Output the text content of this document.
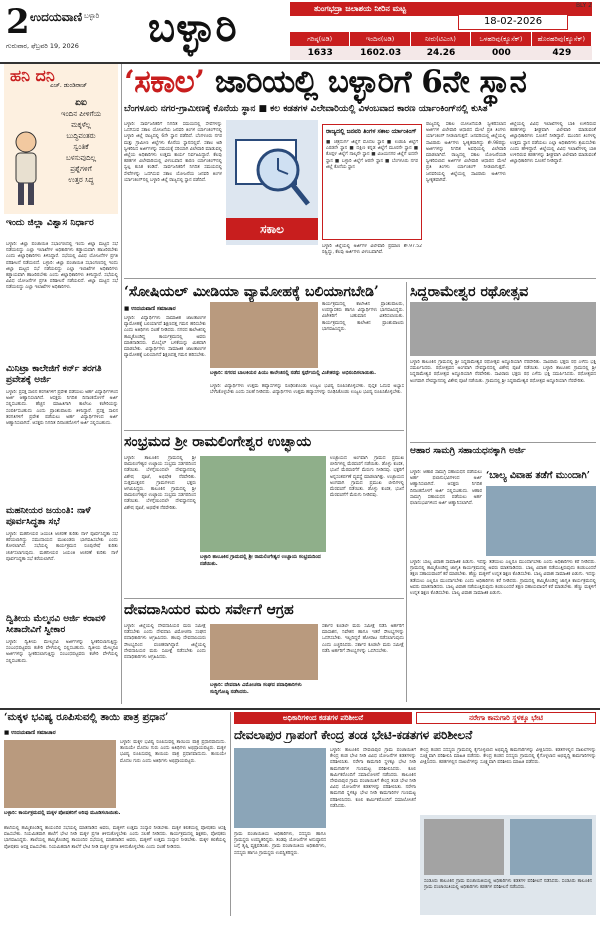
2 ಉದಯವಾಣಿ ಬಳ್ಳಾರಿ
ಗುರುವಾರ, ಫೆಬ್ರವರಿ 19, 2026 ಬಳ್ಳಾರಿ	ತುಂಗಭದ್ರಾ ಜಲಾಶಯ ನೀರಿನ ಮಟ್ಟ	BLY 2
18-02-2026
ಗರಿಷ್ಠ(ಅಡಿ)	ಇಂದಿನ(ಅಡಿ)	ನೀರು(ಟಿಎಂಸಿ)	ಒಳಹರಿವು(ಕ್ಯೂಸೆಕ್)	ಹೊರಹರಿವು(ಕ್ಯೂಸೆಕ್)
1633	1602.03	24.26	000	429
ಹನಿ ದನಿ
ಎಚ್. ಡುಂಡಿರಾಜ್
ಏಐ
ಇಂದಿನ ಪೀಳಿಗೆಯ
ಮಕ್ಕಳೆಲ್ಲ
ಬುದ್ಧಿವಂತರು
ಸ್ವಂತಿಕೆ
ಬಳಸುವುದಿಲ್ಲ
ಪ್ರಶ್ನೆಗಳಿಗೆ
ಉತ್ತರ ಸಿದ್ಧ
ಇಂದು ಜಿಲ್ಲಾ ವಿಶ್ವಾಸ ನಿರ್ಧಾರ
ಬಳ್ಳಾರಿ: ಜಿಲ್ಲಾ ಪಂಚಾಯಿತಿ ಸಭಾಂಗಣದಲ್ಲಿ ಇಂದು ಜಿಲ್ಲಾ ಮಟ್ಟದ ಸಭೆ ನಡೆಯಲಿದ್ದು ಎಲ್ಲಾ ಇಲಾಖೆಗಳ ಅಧಿಕಾರಿಗಳು ಕಡ್ಡಾಯವಾಗಿ ಹಾಜರಿರಬೇಕು ಎಂದು ಜಿಲ್ಲಾಧಿಕಾರಿಗಳು ತಿಳಿಸಿದ್ದಾರೆ. ಸಭೆಯಲ್ಲಿ ವಿವಿಧ ಯೋಜನೆಗಳ ಪ್ರಗತಿ ಪರಿಶೀಲನೆ ನಡೆಯಲಿದೆ. ಬಳ್ಳಾರಿ: ಜಿಲ್ಲಾ ಪಂಚಾಯಿತಿ ಸಭಾಂಗಣದಲ್ಲಿ ಇಂದು ಜಿಲ್ಲಾ ಮಟ್ಟದ ಸಭೆ ನಡೆಯಲಿದ್ದು ಎಲ್ಲಾ ಇಲಾಖೆಗಳ ಅಧಿಕಾರಿಗಳು ಕಡ್ಡಾಯವಾಗಿ ಹಾಜರಿರಬೇಕು ಎಂದು ಜಿಲ್ಲಾಧಿಕಾರಿಗಳು ತಿಳಿಸಿದ್ದಾರೆ. ಸಭೆಯಲ್ಲಿ ವಿವಿಧ ಯೋಜನೆಗಳ ಪ್ರಗತಿ ಪರಿಶೀಲನೆ ನಡೆಯಲಿದೆ. ಜಿಲ್ಲಾ ಮಟ್ಟದ ಸಭೆ ನಡೆಯಲಿದ್ದು ಎಲ್ಲಾ ಇಲಾಖೆಗಳ ಅಧಿಕಾರಿಗಳು.
ಮಿನಿಟ್ರಾ ಕಾಲೇಜಿಗೆ ಕರ್ನ್ ತರಗತಿ ಪ್ರವೇಶಕ್ಕೆ ಅರ್ಜಿ
ಬಳ್ಳಾರಿ: ಪ್ರಸಕ್ತ ಸಾಲಿನ ತರಗತಿಗಳಿಗೆ ಪ್ರವೇಶ ಪಡೆಯಲು ಅರ್ಹ ವಿದ್ಯಾರ್ಥಿಗಳಿಂದ ಅರ್ಜಿ ಆಹ್ವಾನಿಸಲಾಗಿದೆ. ಆಸಕ್ತರು ನಿಗದಿತ ದಿನಾಂಕದೊಳಗೆ ಅರ್ಜಿ ಸಲ್ಲಿಸಬಹುದು. ಹೆಚ್ಚಿನ ಮಾಹಿತಿಗಾಗಿ ಕಾಲೇಜು ಕಚೇರಿಯನ್ನು ಸಂಪರ್ಕಿಸಬಹುದು ಎಂದು ಪ್ರಾಂಶುಪಾಲರು ತಿಳಿಸಿದ್ದಾರೆ. ಪ್ರಸಕ್ತ ಸಾಲಿನ ತರಗತಿಗಳಿಗೆ ಪ್ರವೇಶ ಪಡೆಯಲು ಅರ್ಹ ವಿದ್ಯಾರ್ಥಿಗಳಿಂದ ಅರ್ಜಿ ಆಹ್ವಾನಿಸಲಾಗಿದೆ. ಆಸಕ್ತರು ನಿಗದಿತ ದಿನಾಂಕದೊಳಗೆ ಅರ್ಜಿ ಸಲ್ಲಿಸಬಹುದು.
ಮಹನೀಯರ ಜಯಂತಿ: ನಾಳೆ ಪೂರ್ವಸಿದ್ಧತಾ ಸಭೆ
ಬಳ್ಳಾರಿ: ಮಹನೀಯರ ಜಯಂತಿ ಆಚರಣೆ ಕುರಿತು ನಾಳೆ ಪೂರ್ವಸಿದ್ಧತಾ ಸಭೆ ಕರೆಯಲಾಗಿದ್ದು ಸಮುದಾಯದ ಮುಖಂಡರು ಭಾಗವಹಿಸಬೇಕು ಎಂದು ಕೋರಲಾಗಿದೆ. ಸಭೆಯಲ್ಲಿ ಕಾರ್ಯಕ್ರಮದ ರೂಪುರೇಷೆ ಕುರಿತು ಚರ್ಚಿಸಲಾಗುವುದು. ಮಹನೀಯರ ಜಯಂತಿ ಆಚರಣೆ ಕುರಿತು ನಾಳೆ ಪೂರ್ವಸಿದ್ಧತಾ ಸಭೆ ಕರೆಯಲಾಗಿದೆ.
ದ್ವಿತೀಯ ಮೆಲ್ಮನವಿ ಅರ್ಜಿ ಕರಾವಳಿ ಸೀತಾದೇವಿಗೆ ಸ್ವೀಕಾರ
ಬಳ್ಳಾರಿ: ದ್ವಿತೀಯ ಮೇಲ್ಮನವಿ ಅರ್ಜಿಗಳನ್ನು ಸ್ವೀಕರಿಸಲಾಗುತ್ತಿದ್ದು ಸಂಬಂಧಪಟ್ಟವರು ಕಚೇರಿ ವೇಳೆಯಲ್ಲಿ ಸಲ್ಲಿಸಬಹುದು. ದ್ವಿತೀಯ ಮೇಲ್ಮನವಿ ಅರ್ಜಿಗಳನ್ನು ಸ್ವೀಕರಿಸಲಾಗುತ್ತಿದ್ದು ಸಂಬಂಧಪಟ್ಟವರು ಕಚೇರಿ ವೇಳೆಯಲ್ಲಿ ಸಲ್ಲಿಸಬಹುದು.
‘ಸಕಾಲ’ ಜಾರಿಯಲ್ಲಿ ಬಳ್ಳಾರಿಗೆ 6ನೇ ಸ್ಥಾನ
ಬೆಂಗಳೂರು ನಗರ-ಗ್ರಾಮೀಣಕ್ಕೆ ಕೊನೆಯ ಸ್ಥಾನ ■ ಕಲ ಕಡತಗಳ ವಿಲೇವಾರಿಯಲ್ಲಿ ವಿಳಂಬವಾದ ಕಾರಣ ರ್ಯಾಂಕಿಂಗ್‌ನಲ್ಲಿ ಕುಸಿತ
ಬಳ್ಳಾರಿ: ಸಾರ್ವಜನಿಕರಿಗೆ ನಿಗದಿತ ಸಮಯದಲ್ಲಿ ಸೇವೆಗಳನ್ನು ಒದಗಿಸುವ ಸಕಾಲ ಯೋಜನೆಯ ಜನವರಿ ತಿಂಗಳ ರ್ಯಾಂಕಿಂಗ್‌ನಲ್ಲಿ ಬಳ್ಳಾರಿ ಜಿಲ್ಲೆ ರಾಜ್ಯದಲ್ಲಿ 6ನೇ ಸ್ಥಾನ ಪಡೆದಿದೆ. ಬೆಂಗಳೂರು ನಗರ ಮತ್ತು ಗ್ರಾಮೀಣ ಜಿಲ್ಲೆಗಳು ಕೊನೆಯ ಸ್ಥಾನದಲ್ಲಿವೆ. ಸಕಾಲ ಅಡಿ ಸ್ವೀಕರಿಸಿದ ಅರ್ಜಿಗಳನ್ನು ಸಮಯಕ್ಕೆ ಸರಿಯಾಗಿ ವಿಲೇವಾರಿ ಮಾಡುವಲ್ಲಿ ಜಿಲ್ಲೆಯ ಅಧಿಕಾರಿಗಳು ಉತ್ತಮ ಕಾರ್ಯ ನಿರ್ವಹಿಸಿದ್ದಾರೆ. ಕೆಲವು ಕಡತಗಳ ವಿಲೇವಾರಿಯಲ್ಲಿ ವಿಳಂಬವಾದ ಕಾರಣ ರ್ಯಾಂಕಿಂಗ್‌ನಲ್ಲಿ ಸ್ವಲ್ಪ ಕುಸಿತ ಕಂಡಿದೆ. ಸಾರ್ವಜನಿಕರಿಗೆ ನಿಗದಿತ ಸಮಯದಲ್ಲಿ ಸೇವೆಗಳನ್ನು ಒದಗಿಸುವ ಸಕಾಲ ಯೋಜನೆಯ ಜನವರಿ ತಿಂಗಳ ರ್ಯಾಂಕಿಂಗ್‌ನಲ್ಲಿ ಬಳ್ಳಾರಿ ಜಿಲ್ಲೆ ರಾಜ್ಯದಲ್ಲಿ ಸ್ಥಾನ ಪಡೆದಿದೆ.
ಸಕಾಲ
ರಾಜ್ಯದಲ್ಲಿ ಜನವರಿ ತಿಂಗಳ ಸಕಾಲ ರ್ಯಾಂಕಿಂಗ್
■ ಚಿತ್ರದುರ್ಗ ಜಿಲ್ಲೆಗೆ ಮೊದಲ ಸ್ಥಾನ ■ ಉಡುಪಿ ಜಿಲ್ಲೆಗೆ ಎರಡನೇ ಸ್ಥಾನ ■ ದಕ್ಷಿಣ ಕನ್ನಡ ಜಿಲ್ಲೆಗೆ ಮೂರನೇ ಸ್ಥಾನ ■ ಕೊಪ್ಪಳ ಜಿಲ್ಲೆಗೆ ನಾಲ್ಕನೇ ಸ್ಥಾನ ■ ವಿಜಯನಗರ ಜಿಲ್ಲೆಗೆ ಐದನೇ ಸ್ಥಾನ ■ ಬಳ್ಳಾರಿ ಜಿಲ್ಲೆಗೆ ಆರನೇ ಸ್ಥಾನ ■ ಬೆಂಗಳೂರು ನಗರ ಜಿಲ್ಲೆ ಕೊನೆಯ ಸ್ಥಾನ
ರಾಜ್ಯದಲ್ಲಿ ಸಕಾಲ ಯೋಜನೆಯಡಿ ಸ್ವೀಕರಿಸಲಾದ ಅರ್ಜಿಗಳ ವಿಲೇವಾರಿ ಆಧಾರದ ಮೇಲೆ ಪ್ರತಿ ತಿಂಗಳು ರ್ಯಾಂಕಿಂಗ್ ನೀಡಲಾಗುತ್ತದೆ. ಜನವರಿಯಲ್ಲಿ ಜಿಲ್ಲೆಯಲ್ಲಿ ಸಾವಿರಾರು ಅರ್ಜಿಗಳು ಸ್ವೀಕೃತವಾಗಿದ್ದು ಶೇ.98ರಷ್ಟು ಅರ್ಜಿಗಳನ್ನು ನಿಗದಿತ ಅವಧಿಯಲ್ಲಿ ವಿಲೇವಾರಿ ಮಾಡಲಾಗಿದೆ. ರಾಜ್ಯದಲ್ಲಿ ಸಕಾಲ ಯೋಜನೆಯಡಿ ಸ್ವೀಕರಿಸಲಾದ ಅರ್ಜಿಗಳ ವಿಲೇವಾರಿ ಆಧಾರದ ಮೇಲೆ ಪ್ರತಿ ತಿಂಗಳು ರ್ಯಾಂಕಿಂಗ್ ನೀಡಲಾಗುತ್ತದೆ. ಜನವರಿಯಲ್ಲಿ ಜಿಲ್ಲೆಯಲ್ಲಿ ಸಾವಿರಾರು ಅರ್ಜಿಗಳು ಸ್ವೀಕೃತವಾಗಿವೆ.
ಜಿಲ್ಲೆಯಲ್ಲಿ ವಿವಿಧ ಇಲಾಖೆಗಳಲ್ಲಿ ಬಾಕಿ ಉಳಿದಿರುವ ಕಡತಗಳನ್ನು ಶೀಘ್ರವಾಗಿ ವಿಲೇವಾರಿ ಮಾಡುವಂತೆ ಜಿಲ್ಲಾಧಿಕಾರಿಗಳು ಸೂಚನೆ ನೀಡಿದ್ದಾರೆ. ಮುಂದಿನ ತಿಂಗಳಲ್ಲಿ ಉತ್ತಮ ಸ್ಥಾನ ಪಡೆಯಲು ಎಲ್ಲಾ ಅಧಿಕಾರಿಗಳು ಶ್ರಮಿಸಬೇಕು ಎಂದು ಹೇಳಿದ್ದಾರೆ. ಜಿಲ್ಲೆಯಲ್ಲಿ ವಿವಿಧ ಇಲಾಖೆಗಳಲ್ಲಿ ಬಾಕಿ ಉಳಿದಿರುವ ಕಡತಗಳನ್ನು ಶೀಘ್ರವಾಗಿ ವಿಲೇವಾರಿ ಮಾಡುವಂತೆ ಜಿಲ್ಲಾಧಿಕಾರಿಗಳು ಸೂಚನೆ ನೀಡಿದ್ದಾರೆ.
ಬಳ್ಳಾರಿ ಜಿಲ್ಲೆಯಲ್ಲಿ ಅರ್ಜಿಗಳ ವಿಲೇವಾರಿ ಪ್ರಮಾಣ ಶೇ.97.52 ರಷ್ಟಿದ್ದು, ಕೆಲವು ಅರ್ಜಿಗಳು ವಿಳಂಬವಾಗಿವೆ.
‘ಸೋಷಿಯಲ್ ಮೀಡಿಯಾ ವ್ಯಾಮೋಹಕ್ಕೆ ಬಲಿಯಾಗಬೇಡಿ’	ಸಿದ್ದರಾಮೇಶ್ವರ ರಥೋತ್ಸವ
■ ಉದಯವಾಣಿ ಸಮಾಚಾರ
ಬಳ್ಳಾರಿ: ವಿದ್ಯಾರ್ಥಿಗಳು ಸಾಮಾಜಿಕ ಜಾಲತಾಣಗಳ ವ್ಯಾಮೋಹಕ್ಕೆ ಬಲಿಯಾಗದೆ ಶಿಕ್ಷಣದತ್ತ ಗಮನ ಹರಿಸಬೇಕು ಎಂದು ಅತಿಥಿಗಳು ಸಲಹೆ ನೀಡಿದರು. ನಗರದ ಕಾಲೇಜಿನಲ್ಲಿ ಹಮ್ಮಿಕೊಂಡಿದ್ದ ಕಾರ್ಯಕ್ರಮದಲ್ಲಿ ಅವರು ಮಾತನಾಡಿದರು. ಮೊಬೈಲ್ ಬಳಕೆಯನ್ನು ಮಿತವಾಗಿ ಮಾಡಬೇಕು. ವಿದ್ಯಾರ್ಥಿಗಳು ಸಾಮಾಜಿಕ ಜಾಲತಾಣಗಳ ವ್ಯಾಮೋಹಕ್ಕೆ ಬಲಿಯಾಗದೆ ಶಿಕ್ಷಣದತ್ತ ಗಮನ ಹರಿಸಬೇಕು.
ಬಳ್ಳಾರಿ: ನಗರದ ಬಾಲಕಿಯರ ಪಿಯು ಕಾಲೇಜಿನಲ್ಲಿ ನಡೆದ ಸ್ಪರ್ಧೆಯಲ್ಲಿ ವಿಜೇತರನ್ನು ಅಭಿನಂದಿಸಲಾಯಿತು.
ಕಾರ್ಯಕ್ರಮದಲ್ಲಿ ಕಾಲೇಜಿನ ಪ್ರಾಂಶುಪಾಲರು, ಉಪನ್ಯಾಸಕರು ಹಾಗೂ ವಿದ್ಯಾರ್ಥಿಗಳು ಭಾಗವಹಿಸಿದ್ದರು. ವಿಜೇತರಿಗೆ ಬಹುಮಾನ ವಿತರಿಸಲಾಯಿತು. ಕಾರ್ಯಕ್ರಮದಲ್ಲಿ ಕಾಲೇಜಿನ ಪ್ರಾಂಶುಪಾಲರು ಭಾಗವಹಿಸಿದ್ದರು.
ಬಳ್ಳಾರಿ: ವಿದ್ಯಾರ್ಥಿಗಳು ಉತ್ತಮ ಹವ್ಯಾಸಗಳನ್ನು ರೂಢಿಸಿಕೊಂಡು ಉಜ್ವಲ ಭವಿಷ್ಯ ರೂಪಿಸಿಕೊಳ್ಳಬೇಕು. ಪುಸ್ತಕ ಓದುವ ಅಭ್ಯಾಸ ಬೆಳೆಸಿಕೊಳ್ಳಬೇಕು ಎಂದು ಸಲಹೆ ನೀಡಿದರು. ವಿದ್ಯಾರ್ಥಿಗಳು ಉತ್ತಮ ಹವ್ಯಾಸಗಳನ್ನು ರೂಢಿಸಿಕೊಂಡು ಉಜ್ವಲ ಭವಿಷ್ಯ ರೂಪಿಸಿಕೊಳ್ಳಬೇಕು.
ಬಳ್ಳಾರಿ ತಾಲೂಕಿನ ಗ್ರಾಮದಲ್ಲಿ ಶ್ರೀ ಸಿದ್ದರಾಮೇಶ್ವರ ರಥೋತ್ಸವ ಅದ್ಧೂರಿಯಾಗಿ ನೆರವೇರಿತು. ಸಾವಿರಾರು ಭಕ್ತರು ರಥ ಎಳೆದು ಭಕ್ತಿ ಸಮರ್ಪಿಸಿದರು. ರಥೋತ್ಸವದ ಅಂಗವಾಗಿ ದೇವಸ್ಥಾನದಲ್ಲಿ ವಿಶೇಷ ಪೂಜೆ ನಡೆಯಿತು. ಬಳ್ಳಾರಿ ತಾಲೂಕಿನ ಗ್ರಾಮದಲ್ಲಿ ಶ್ರೀ ಸಿದ್ದರಾಮೇಶ್ವರ ರಥೋತ್ಸವ ಅದ್ಧೂರಿಯಾಗಿ ನೆರವೇರಿತು. ಸಾವಿರಾರು ಭಕ್ತರು ರಥ ಎಳೆದು ಭಕ್ತಿ ಸಮರ್ಪಿಸಿದರು. ರಥೋತ್ಸವದ ಅಂಗವಾಗಿ ದೇವಸ್ಥಾನದಲ್ಲಿ ವಿಶೇಷ ಪೂಜೆ ನಡೆಯಿತು. ಗ್ರಾಮದಲ್ಲಿ ಶ್ರೀ ಸಿದ್ದರಾಮೇಶ್ವರ ರಥೋತ್ಸವ ಅದ್ಧೂರಿಯಾಗಿ ನೆರವೇರಿತು.
ಸಂಭ್ರಮದ ಶ್ರೀ ರಾಮಲಿಂಗೇಶ್ವರ ಉಚ್ಛಾಯ
ಬಳ್ಳಾರಿ: ತಾಲೂಕಿನ ಗ್ರಾಮದಲ್ಲಿ ಶ್ರೀ ರಾಮಲಿಂಗೇಶ್ವರ ಉಚ್ಛಾಯ ಸಂಭ್ರಮ ಸಡಗರದಿಂದ ನಡೆಯಿತು. ಬೆಳಗ್ಗೆಯಿಂದಲೇ ದೇವಸ್ಥಾನದಲ್ಲಿ ವಿಶೇಷ ಪೂಜೆ, ಅಭಿಷೇಕ ನೆರವೇರಿತು. ಸುತ್ತಮುತ್ತಲಿನ ಗ್ರಾಮಗಳಿಂದ ಭಕ್ತರು ಆಗಮಿಸಿದ್ದರು. ತಾಲೂಕಿನ ಗ್ರಾಮದಲ್ಲಿ ಶ್ರೀ ರಾಮಲಿಂಗೇಶ್ವರ ಉಚ್ಛಾಯ ಸಂಭ್ರಮ ಸಡಗರದಿಂದ ನಡೆಯಿತು. ಬೆಳಗ್ಗೆಯಿಂದಲೇ ದೇವಸ್ಥಾನದಲ್ಲಿ ವಿಶೇಷ ಪೂಜೆ, ಅಭಿಷೇಕ ನೆರವೇರಿತು.
ಬಳ್ಳಾರಿ ತಾಲೂಕಿನ ಗ್ರಾಮದಲ್ಲಿ ಶ್ರೀ ರಾಮಲಿಂಗೇಶ್ವರ ಉಚ್ಛಾಯ ಸಂಭ್ರಮದಿಂದ ನಡೆಯಿತು.
ಉಚ್ಛಾಯದ ಅಂಗವಾಗಿ ಗ್ರಾಮದ ಪ್ರಮುಖ ಬೀದಿಗಳಲ್ಲಿ ಮೆರವಣಿಗೆ ನಡೆಯಿತು. ಡೊಳ್ಳು ಕುಣಿತ, ಭಜನೆ ಮೆರವಣಿಗೆಗೆ ಮೆರುಗು ನೀಡಿದವು. ಭಕ್ತರಿಗೆ ಅನ್ನಸಂತರ್ಪಣೆ ವ್ಯವಸ್ಥೆ ಮಾಡಲಾಗಿತ್ತು. ಉಚ್ಛಾಯದ ಅಂಗವಾಗಿ ಗ್ರಾಮದ ಪ್ರಮುಖ ಬೀದಿಗಳಲ್ಲಿ ಮೆರವಣಿಗೆ ನಡೆಯಿತು. ಡೊಳ್ಳು ಕುಣಿತ, ಭಜನೆ ಮೆರವಣಿಗೆಗೆ ಮೆರುಗು ನೀಡಿದವು.
ದೇವದಾಸಿಯರ ಮರು ಸರ್ವೇಗೆ ಆಗ್ರಹ
ಬಳ್ಳಾರಿ: ಜಿಲ್ಲೆಯಲ್ಲಿ ದೇವದಾಸಿಯರ ಮರು ಸಮೀಕ್ಷೆ ನಡೆಸಬೇಕು ಎಂದು ದೇವದಾಸಿ ವಿಮೋಚನಾ ಸಂಘದ ಪದಾಧಿಕಾರಿಗಳು ಆಗ್ರಹಿಸಿದರು. ಹಲವು ದೇವದಾಸಿಯರು ಸೌಲಭ್ಯದಿಂದ ವಂಚಿತರಾಗಿದ್ದಾರೆ. ಜಿಲ್ಲೆಯಲ್ಲಿ ದೇವದಾಸಿಯರ ಮರು ಸಮೀಕ್ಷೆ ನಡೆಸಬೇಕು ಎಂದು ಪದಾಧಿಕಾರಿಗಳು ಆಗ್ರಹಿಸಿದರು.
ಬಳ್ಳಾರಿ: ದೇವದಾಸಿ ವಿಮೋಚನಾ ಸಂಘದ ಪದಾಧಿಕಾರಿಗಳು ಸುದ್ದಿಗೋಷ್ಠಿ ನಡೆಸಿದರು.
ಸರ್ಕಾರ ಕೂಡಲೇ ಮರು ಸಮೀಕ್ಷೆ ನಡೆಸಿ ಅರ್ಹರಿಗೆ ಮಾಸಾಶನ, ನಿವೇಶನ ಹಾಗೂ ಇತರೆ ಸೌಲಭ್ಯಗಳನ್ನು ಒದಗಿಸಬೇಕು. ಇಲ್ಲದಿದ್ದರೆ ಹೋರಾಟ ನಡೆಸಲಾಗುವುದು ಎಂದು ಎಚ್ಚರಿಸಿದರು. ಸರ್ಕಾರ ಕೂಡಲೇ ಮರು ಸಮೀಕ್ಷೆ ನಡೆಸಿ ಅರ್ಹರಿಗೆ ಸೌಲಭ್ಯಗಳನ್ನು ಒದಗಿಸಬೇಕು.
ಆಹಾರ ಸಾಮಗ್ರಿ ಸಹಾಯಧನಕ್ಕಾಗಿ ಅರ್ಜಿ
‘ಬಾಲ್ಯ ವಿವಾಹ ತಡೆಗೆ ಮುಂದಾಗಿ’
ಬಳ್ಳಾರಿ: ಆಹಾರ ಸಾಮಗ್ರಿ ಸಹಾಯಧನ ಪಡೆಯಲು ಅರ್ಹ ಫಲಾನುಭವಿಗಳಿಂದ ಅರ್ಜಿ ಆಹ್ವಾನಿಸಲಾಗಿದೆ. ಆಸಕ್ತರು ನಿಗದಿತ ದಿನಾಂಕದೊಳಗೆ ಅರ್ಜಿ ಸಲ್ಲಿಸಬಹುದು. ಆಹಾರ ಸಾಮಗ್ರಿ ಸಹಾಯಧನ ಪಡೆಯಲು ಅರ್ಹ ಫಲಾನುಭವಿಗಳಿಂದ ಅರ್ಜಿ ಆಹ್ವಾನಿಸಲಾಗಿದೆ.
ಬಳ್ಳಾರಿ: ಬಾಲ್ಯ ವಿವಾಹ ಸಾಮಾಜಿಕ ಪಿಡುಗು. ಇದನ್ನು ತಡೆಯಲು ಎಲ್ಲರೂ ಮುಂದಾಗಬೇಕು ಎಂದು ಅಧಿಕಾರಿಗಳು ಕರೆ ನೀಡಿದರು. ಗ್ರಾಮದಲ್ಲಿ ಹಮ್ಮಿಕೊಂಡಿದ್ದ ಜಾಗೃತಿ ಕಾರ್ಯಕ್ರಮದಲ್ಲಿ ಅವರು ಮಾತನಾಡಿದರು. ಬಾಲ್ಯ ವಿವಾಹ ನಡೆಯುತ್ತಿರುವುದು ಕಂಡುಬಂದರೆ ತಕ್ಷಣ ಸಹಾಯವಾಣಿಗೆ ಕರೆ ಮಾಡಬೇಕು. ಹೆಣ್ಣು ಮಕ್ಕಳಿಗೆ ಉನ್ನತ ಶಿಕ್ಷಣ ಕೊಡಿಸಬೇಕು. ಬಾಲ್ಯ ವಿವಾಹ ಸಾಮಾಜಿಕ ಪಿಡುಗು. ಇದನ್ನು ತಡೆಯಲು ಎಲ್ಲರೂ ಮುಂದಾಗಬೇಕು ಎಂದು ಅಧಿಕಾರಿಗಳು ಕರೆ ನೀಡಿದರು. ಗ್ರಾಮದಲ್ಲಿ ಹಮ್ಮಿಕೊಂಡಿದ್ದ ಜಾಗೃತಿ ಕಾರ್ಯಕ್ರಮದಲ್ಲಿ ಅವರು ಮಾತನಾಡಿದರು. ಬಾಲ್ಯ ವಿವಾಹ ನಡೆಯುತ್ತಿರುವುದು ಕಂಡುಬಂದರೆ ತಕ್ಷಣ ಸಹಾಯವಾಣಿಗೆ ಕರೆ ಮಾಡಬೇಕು. ಹೆಣ್ಣು ಮಕ್ಕಳಿಗೆ ಉನ್ನತ ಶಿಕ್ಷಣ ಕೊಡಿಸಬೇಕು. ಬಾಲ್ಯ ವಿವಾಹ ಸಾಮಾಜಿಕ ಪಿಡುಗು.
‘ಮಕ್ಕಳ ಭವಿಷ್ಯ ರೂಪಿಸುವಲ್ಲಿ ತಾಯಿ ಪಾತ್ರ ಪ್ರಧಾನ’
■ ಉದಯವಾಣಿ ಸಮಾಚಾರ
ಬಳ್ಳಾರಿ: ಕಾರ್ಯಕ್ರಮದಲ್ಲಿ ಮಕ್ಕಳ ಪೋಷಕರಿಗೆ ಅರಿವು ಮೂಡಿಸಲಾಯಿತು.
ಬಳ್ಳಾರಿ: ಮಕ್ಕಳ ಭವಿಷ್ಯ ರೂಪಿಸುವಲ್ಲಿ ತಾಯಿಯ ಪಾತ್ರ ಪ್ರಧಾನವಾದುದು. ತಾಯಿಯೇ ಮೊದಲ ಗುರು ಎಂದು ಅತಿಥಿಗಳು ಅಭಿಪ್ರಾಯಪಟ್ಟರು. ಮಕ್ಕಳ ಭವಿಷ್ಯ ರೂಪಿಸುವಲ್ಲಿ ತಾಯಿಯ ಪಾತ್ರ ಪ್ರಧಾನವಾದುದು. ತಾಯಿಯೇ ಮೊದಲ ಗುರು ಎಂದು ಅತಿಥಿಗಳು ಅಭಿಪ್ರಾಯಪಟ್ಟರು.
ಶಾಲೆಯಲ್ಲಿ ಹಮ್ಮಿಕೊಂಡಿದ್ದ ತಾಯಂದಿರ ಸಭೆಯಲ್ಲಿ ಮಾತನಾಡಿದ ಅವರು, ಮಕ್ಕಳಿಗೆ ಉತ್ತಮ ಸಂಸ್ಕಾರ ನೀಡಬೇಕು. ಮಕ್ಕಳ ಕಲಿಕೆಯಲ್ಲಿ ಪೋಷಕರು ಆಸಕ್ತಿ ವಹಿಸಬೇಕು. ನಿಯಮಿತವಾಗಿ ಶಾಲೆಗೆ ಭೇಟಿ ನೀಡಿ ಮಕ್ಕಳ ಪ್ರಗತಿ ತಿಳಿದುಕೊಳ್ಳಬೇಕು ಎಂದು ಸಲಹೆ ನೀಡಿದರು. ಕಾರ್ಯಕ್ರಮದಲ್ಲಿ ಶಿಕ್ಷಕರು, ಪೋಷಕರು ಭಾಗವಹಿಸಿದ್ದರು. ಶಾಲೆಯಲ್ಲಿ ಹಮ್ಮಿಕೊಂಡಿದ್ದ ತಾಯಂದಿರ ಸಭೆಯಲ್ಲಿ ಮಾತನಾಡಿದ ಅವರು, ಮಕ್ಕಳಿಗೆ ಉತ್ತಮ ಸಂಸ್ಕಾರ ನೀಡಬೇಕು. ಮಕ್ಕಳ ಕಲಿಕೆಯಲ್ಲಿ ಪೋಷಕರು ಆಸಕ್ತಿ ವಹಿಸಬೇಕು. ನಿಯಮಿತವಾಗಿ ಶಾಲೆಗೆ ಭೇಟಿ ನೀಡಿ ಮಕ್ಕಳ ಪ್ರಗತಿ ತಿಳಿದುಕೊಳ್ಳಬೇಕು ಎಂದು ಸಲಹೆ ನೀಡಿದರು.
ಅಧಿಕಾರಿಗಳಿಂದ ಕಡತಗಳ ಪರಿಶೀಲನೆ	ನರೇಗಾ ಕಾಮಗಾರಿ ಸ್ಥಳಕ್ಕೂ ಭೇಟಿ
ದೇವಲಾಪುರ ಗ್ರಾಪಂಗೆ ಕೇಂದ್ರ ತಂಡ ಭೇಟಿ-ಕಡತಗಳ ಪರಿಶೀಲನೆ
ಬಳ್ಳಾರಿ: ತಾಲೂಕಿನ ದೇವಲಾಪುರ ಗ್ರಾಮ ಪಂಚಾಯಿತಿಗೆ ಕೇಂದ್ರ ತಂಡ ಭೇಟಿ ನೀಡಿ ವಿವಿಧ ಯೋಜನೆಗಳ ಕಡತಗಳನ್ನು ಪರಿಶೀಲಿಸಿತು. ನರೇಗಾ ಕಾಮಗಾರಿ ಸ್ಥಳಕ್ಕೂ ಭೇಟಿ ನೀಡಿ ಕಾಮಗಾರಿಗಳ ಗುಣಮಟ್ಟ ಪರಿಶೀಲಿಸಿದರು. ಕೂಲಿ ಕಾರ್ಮಿಕರೊಂದಿಗೆ ಸಮಾಲೋಚನೆ ನಡೆಸಿದರು. ತಾಲೂಕಿನ ದೇವಲಾಪುರ ಗ್ರಾಮ ಪಂಚಾಯಿತಿಗೆ ಕೇಂದ್ರ ತಂಡ ಭೇಟಿ ನೀಡಿ ವಿವಿಧ ಯೋಜನೆಗಳ ಕಡತಗಳನ್ನು ಪರಿಶೀಲಿಸಿತು. ನರೇಗಾ ಕಾಮಗಾರಿ ಸ್ಥಳಕ್ಕೂ ಭೇಟಿ ನೀಡಿ ಕಾಮಗಾರಿಗಳ ಗುಣಮಟ್ಟ ಪರಿಶೀಲಿಸಿದರು. ಕೂಲಿ ಕಾರ್ಮಿಕರೊಂದಿಗೆ ಸಮಾಲೋಚನೆ ನಡೆಸಿದರು.
ಗ್ರಾಮ ಪಂಚಾಯಿತಿಯ ಅಧಿಕಾರಿಗಳು, ಸದಸ್ಯರು ಹಾಗೂ ಗ್ರಾಮಸ್ಥರು ಉಪಸ್ಥಿತರಿದ್ದರು. ತಂಡವು ಯೋಜನೆಗಳ ಅನುಷ್ಠಾನದ ಬಗ್ಗೆ ತೃಪ್ತಿ ವ್ಯಕ್ತಪಡಿಸಿತು. ಗ್ರಾಮ ಪಂಚಾಯಿತಿಯ ಅಧಿಕಾರಿಗಳು, ಸದಸ್ಯರು ಹಾಗೂ ಗ್ರಾಮಸ್ಥರು ಉಪಸ್ಥಿತರಿದ್ದರು.
ಕೇಂದ್ರ ತಂಡದ ಸದಸ್ಯರು ಗ್ರಾಮದಲ್ಲಿ ಕೈಗೊಳ್ಳಲಾದ ಅಭಿವೃದ್ಧಿ ಕಾಮಗಾರಿಗಳನ್ನು ವೀಕ್ಷಿಸಿದರು. ಕಡತಗಳಲ್ಲಿನ ದಾಖಲೆಗಳನ್ನು ಸೂಕ್ಷ್ಮವಾಗಿ ಪರಿಶೀಲಿಸಿ ಮಾಹಿತಿ ಪಡೆದರು. ಕೇಂದ್ರ ತಂಡದ ಸದಸ್ಯರು ಗ್ರಾಮದಲ್ಲಿ ಕೈಗೊಳ್ಳಲಾದ ಅಭಿವೃದ್ಧಿ ಕಾಮಗಾರಿಗಳನ್ನು ವೀಕ್ಷಿಸಿದರು. ಕಡತಗಳಲ್ಲಿನ ದಾಖಲೆಗಳನ್ನು ಸೂಕ್ಷ್ಮವಾಗಿ ಪರಿಶೀಲಿಸಿ ಮಾಹಿತಿ ಪಡೆದರು.
ಸಂಡೂರು ತಾಲೂಕಿನ ಗ್ರಾಮ ಪಂಚಾಯಿತಿಯಲ್ಲಿ ಅಧಿಕಾರಿಗಳು ಕಡತಗಳ ಪರಿಶೀಲನೆ ನಡೆಸಿದರು. ಸಂಡೂರು ತಾಲೂಕಿನ ಗ್ರಾಮ ಪಂಚಾಯಿತಿಯಲ್ಲಿ ಅಧಿಕಾರಿಗಳು ಕಡತಗಳ ಪರಿಶೀಲನೆ ನಡೆಸಿದರು.
